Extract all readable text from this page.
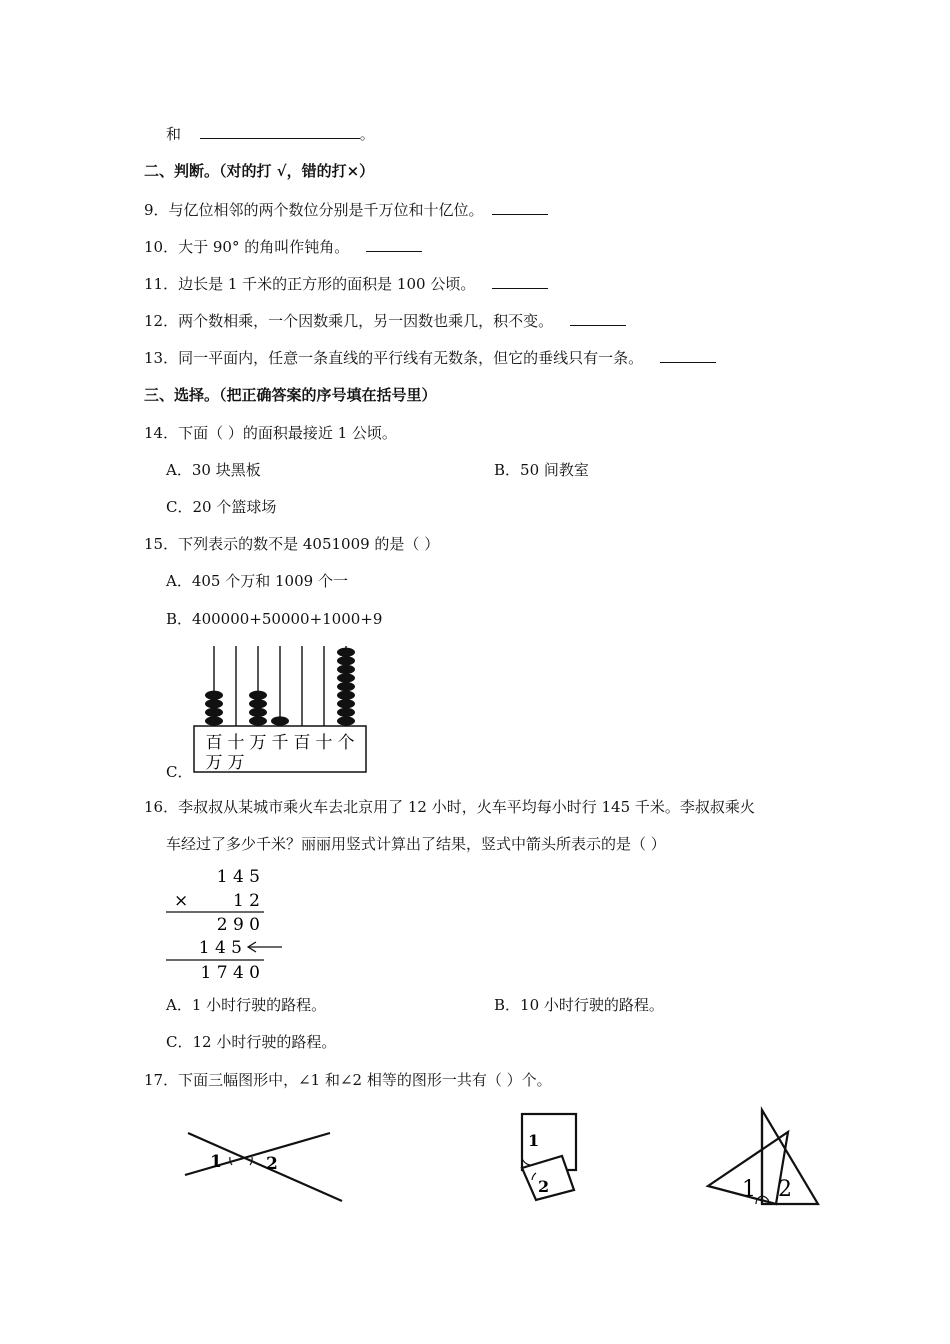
和	。
二、判断。（对的打 √，错的打×）
9．与亿位相邻的两个数位分别是千万位和十亿位。
10．大于 90° 的角叫作钝角。
11．边长是 1 千米的正方形的面积是 100 公顷。
12．两个数相乘，一个因数乘几，另一因数也乘几，积不变。
13．同一平面内，任意一条直线的平行线有无数条，但它的垂线只有一条。
三、选择。（把正确答案的序号填在括号里）
14．下面（ ）的面积最接近 1 公顷。
A．30 块黑板	B．50 间教室
C．20 个篮球场
15．下列表示的数不是 4051009 的是（ ）
A．405 个万和 1009 个一
B．400000+50000+1000+9
C．
百 十 万 千 百 十 个
万 万
16．李叔叔从某城市乘火车去北京用了 12 小时，火车平均每小时行 145 千米。李叔叔乘火
车经过了多少千米？丽丽用竖式计算出了结果，竖式中箭头所表示的是（ ）
1 4 5
×	1 2
2 9 0
1 4 5
1 7 4 0
A．1 小时行驶的路程。	B．10 小时行驶的路程。
C．12 小时行驶的路程。
17．下面三幅图形中，∠1 和∠2 相等的图形一共有（ ）个。
1	2
1
2	1 2
